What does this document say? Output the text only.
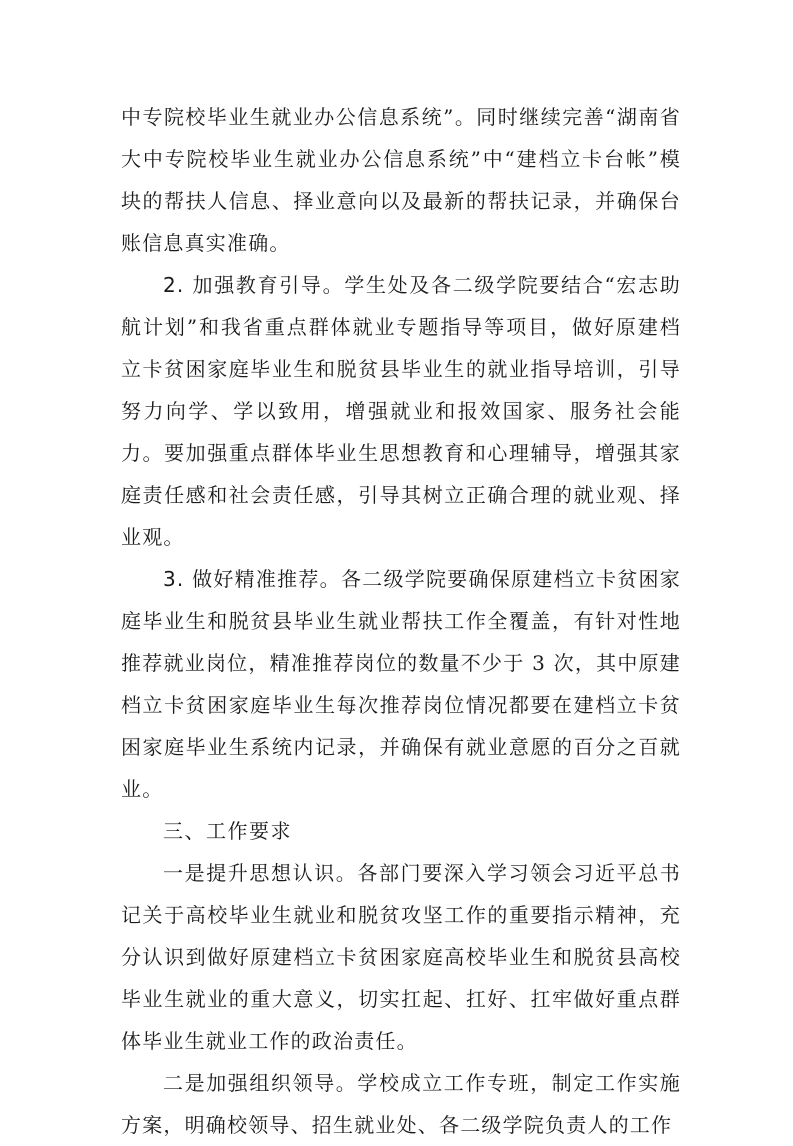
中专院校毕业生就业办公信息系统”。同时继续完善“湖南省大中专院校毕业生就业办公信息系统”中“建档立卡台帐”模块的帮扶人信息、择业意向以及最新的帮扶记录，并确保台账信息真实准确。

2. 加强教育引导。学生处及各二级学院要结合“宏志助航计划”和我省重点群体就业专题指导等项目，做好原建档立卡贫困家庭毕业生和脱贫县毕业生的就业指导培训，引导努力向学、学以致用，增强就业和报效国家、服务社会能力。要加强重点群体毕业生思想教育和心理辅导，增强其家庭责任感和社会责任感，引导其树立正确合理的就业观、择业观。

3. 做好精准推荐。各二级学院要确保原建档立卡贫困家庭毕业生和脱贫县毕业生就业帮扶工作全覆盖，有针对性地推荐就业岗位，精准推荐岗位的数量不少于 3 次，其中原建档立卡贫困家庭毕业生每次推荐岗位情况都要在建档立卡贫困家庭毕业生系统内记录，并确保有就业意愿的百分之百就业。

三、工作要求

一是提升思想认识。各部门要深入学习领会习近平总书记关于高校毕业生就业和脱贫攻坚工作的重要指示精神，充分认识到做好原建档立卡贫困家庭高校毕业生和脱贫县高校毕业生就业的重大意义，切实扛起、扛好、扛牢做好重点群体毕业生就业工作的政治责任。

二是加强组织领导。学校成立工作专班，制定工作实施方案，明确校领导、招生就业处、各二级学院负责人的工作
